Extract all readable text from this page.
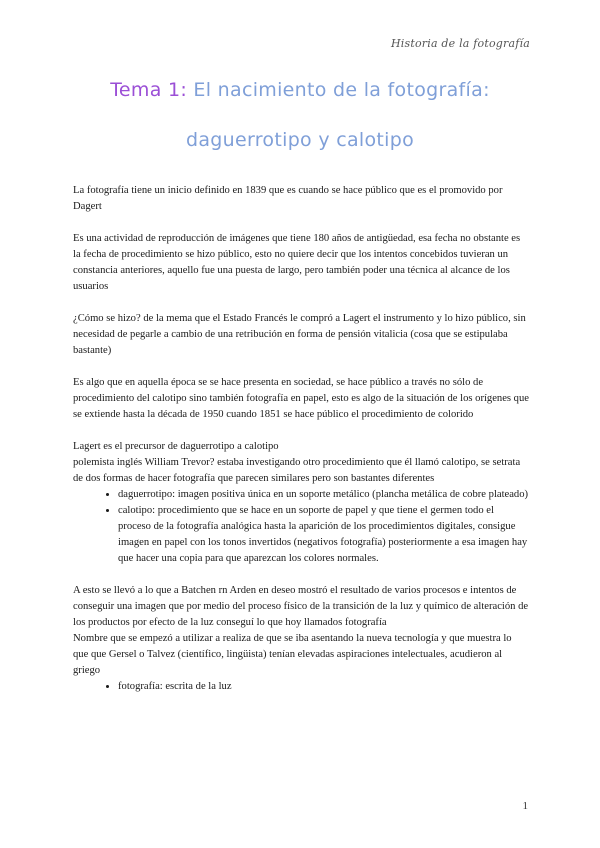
Historia de la fotografía
Tema 1: El nacimiento de la fotografía:
daguerrotipo y calotipo

La fotografía tiene un inicio definido en 1839 que es cuando se hace público que es el promovido por Dagert

Es una actividad de reproducción de imágenes que tiene 180 años de antigüedad, esa fecha no obstante es la fecha de procedimiento se hizo público, esto no quiere decir que los intentos concebidos tuvieran un constancia anteriores, aquello fue una puesta de largo, pero también poder una técnica al alcance de los usuarios

¿Cómo se hizo? de la mema que el Estado Francés le compró a Lagert el instrumento y lo hizo público, sin necesidad de pegarle a cambio de una retribución en forma de pensión vitalicia (cosa que se estipulaba bastante)

Es algo que en aquella época se se hace presenta en sociedad, se hace público a través no sólo de procedimiento del calotipo sino también fotografía en papel, esto es algo de la situación de los orígenes que se extiende hasta la década de 1950 cuando 1851 se hace público el procedimiento de colorido

Lagert es el precursor de daguerrotipo a calotipo

polemista inglés William Trevor? estaba investigando otro procedimiento que él llamó calotipo, se setrata de dos formas de hacer fotografía que parecen similares pero son bastantes diferentes

• daguerrotipo: imagen positiva única en un soporte metálico (plancha metálica de cobre plateado)
• calotipo: procedimiento que se hace en un soporte de papel y que tiene el germen todo el proceso de la fotografía analógica hasta la aparición de los procedimientos digitales, consigue imagen en papel con los tonos invertidos (negativos fotografía) posteriormente a esa imagen hay que hacer una copia para que aparezcan los colores normales.

A esto se llevó a lo que a Batchen rn Arden en deseo mostró el resultado de varios procesos e intentos de conseguir una imagen que por medio del proceso físico de la transición de la luz y químico de alteración de los productos por efecto de la luz conseguí lo que hoy llamados fotografía

Nombre que se empezó a utilizar a realiza de que se iba asentando la nueva tecnología y que muestra lo que que Gersel o Talvez (científico, lingüista) tenían elevadas aspiraciones intelectuales, acudieron al griego

• fotografía: escrita de la luz
1
